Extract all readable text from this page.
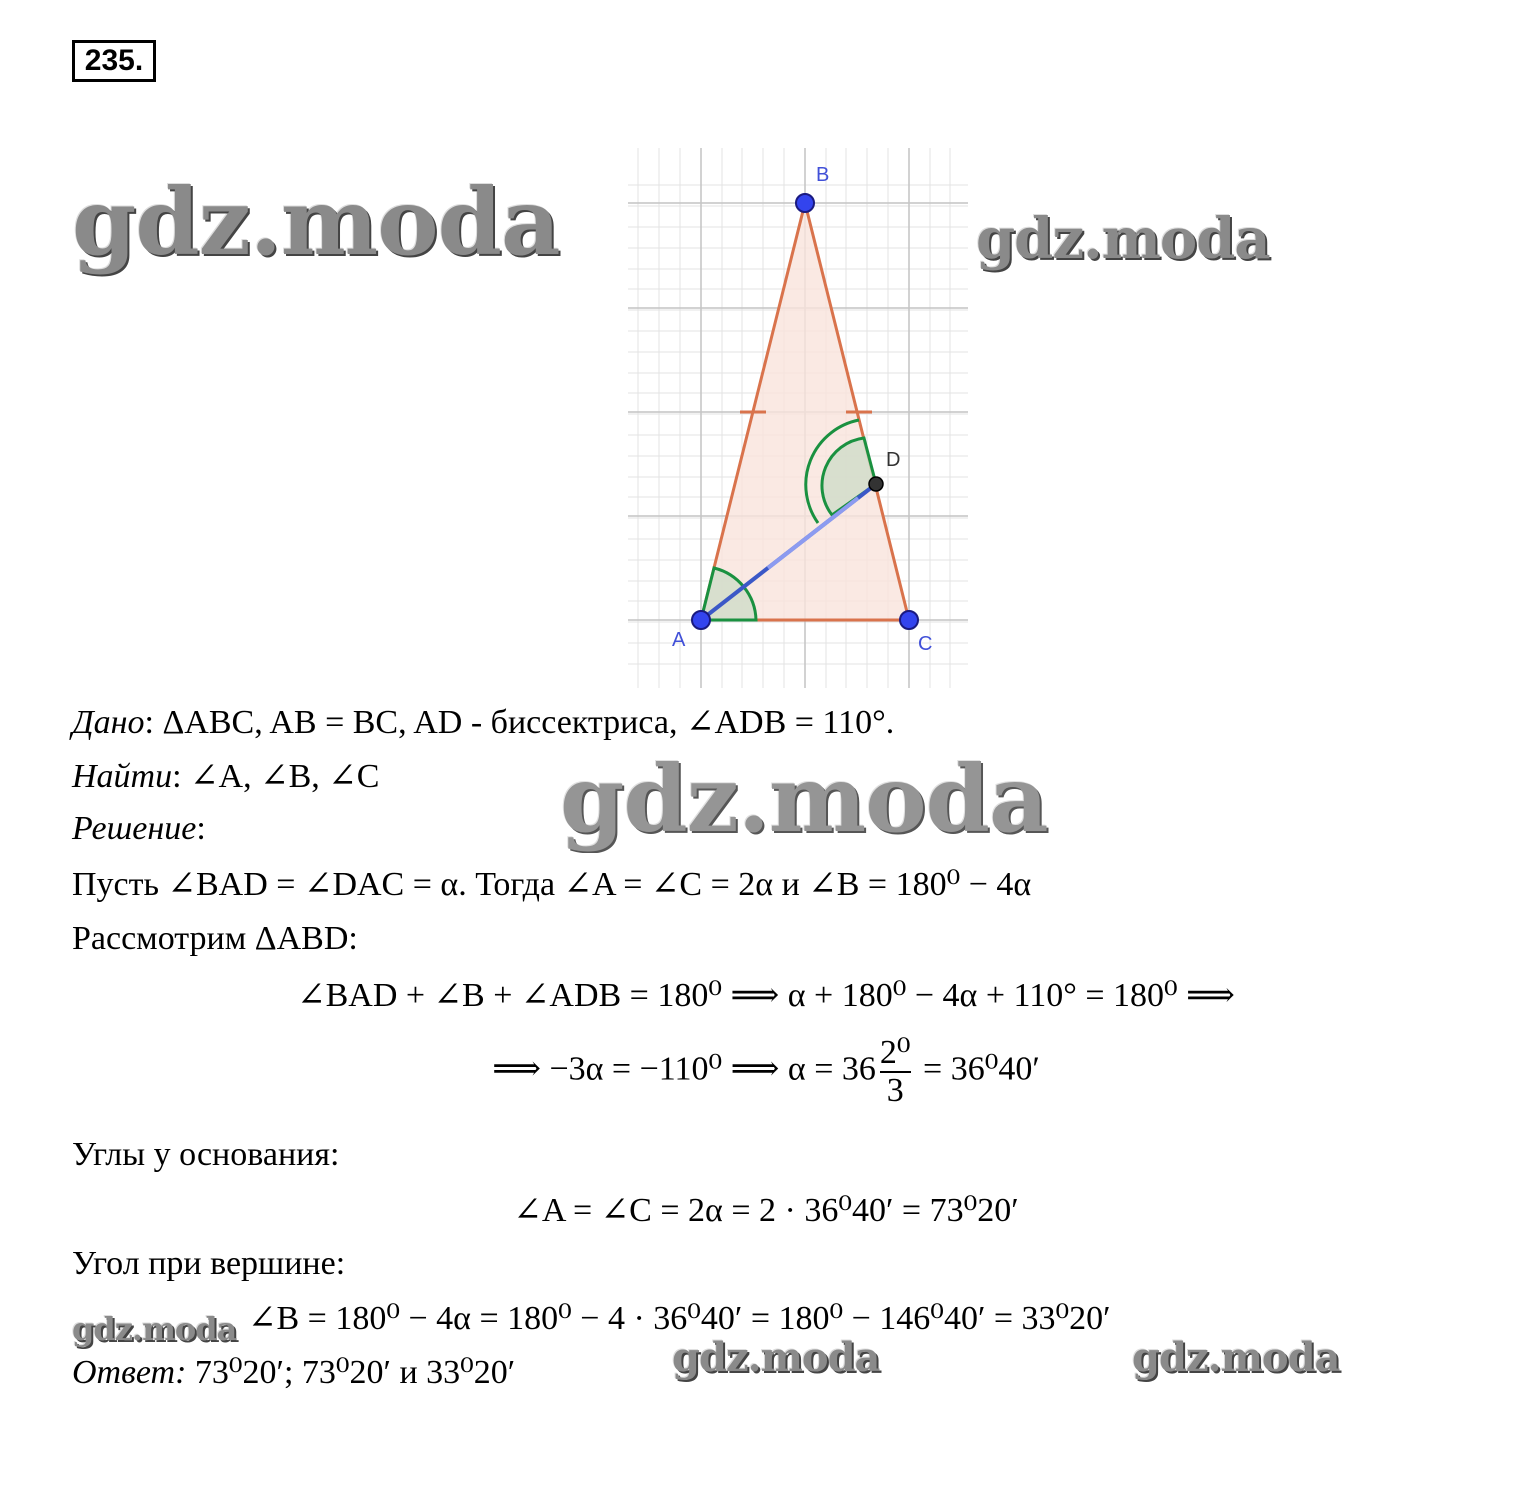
235.
gdz.moda	gdz.moda
gdz.moda
gdz.moda
gdz.moda	gdz.moda
A
B
C
D
Дано: ΔABC, AB = BC, AD - биссектриса, ∠ADB = 110°.
Найти: ∠A, ∠B, ∠C
Решение:
Пусть ∠BAD = ∠DAC = α. Тогда ∠A = ∠C = 2α и ∠B = 180⁰ − 4α
Рассмотрим ΔABD:
∠BAD + ∠B + ∠ADB = 180⁰ ⟹ α + 180⁰ − 4α + 110° = 180⁰ ⟹
⟹ −3α = −110⁰ ⟹ $\alpha = 36 \frac{\text{2⁰}}{3} = 36^040'$
Углы у основания:
∠A = ∠C = 2α = 2 · 36⁰40′ = 73⁰20′
Угол при вершине:
∠B = 180⁰ − 4α = 180⁰ − 4 · 36⁰40′ = 180⁰ − 146⁰40′ = 33⁰20′
Ответ: 73⁰20′; 73⁰20′ и 33⁰20′
